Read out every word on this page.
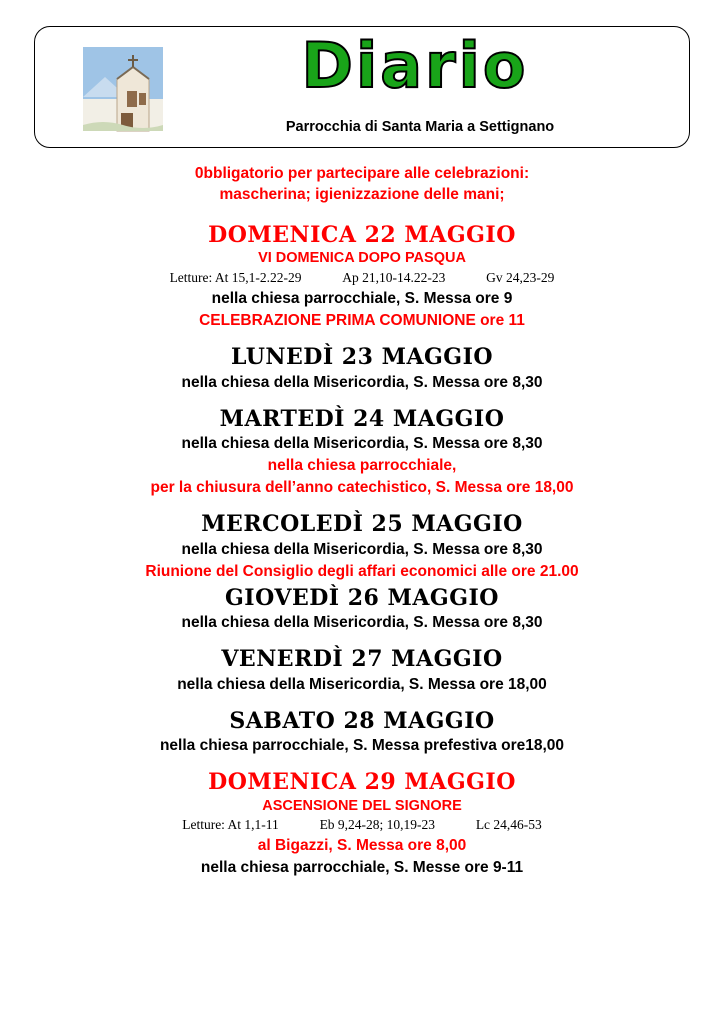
Diario
Parrocchia di Santa Maria a Settignano
0bbligatorio per partecipare alle celebrazioni:
mascherina; igienizzazione delle mani;
DOMENICA 22 MAGGIO
VI DOMENICA DOPO PASQUA
Letture: At 15,1-2.22-29	Ap 21,10-14.22-23	Gv 24,23-29
nella chiesa parrocchiale, S. Messa ore 9
CELEBRAZIONE PRIMA COMUNIONE ore 11
LUNEDÌ 23 MAGGIO
nella chiesa della Misericordia, S. Messa ore 8,30
MARTEDÌ 24 MAGGIO
nella chiesa della Misericordia, S. Messa ore 8,30
nella chiesa parrocchiale,
per la chiusura dell’anno catechistico, S. Messa ore 18,00
MERCOLEDÌ 25 MAGGIO
nella chiesa della Misericordia, S. Messa ore 8,30
Riunione del Consiglio degli affari economici alle ore 21.00
GIOVEDÌ 26 MAGGIO
nella chiesa della Misericordia, S. Messa ore 8,30
VENERDÌ 27 MAGGIO
nella chiesa della Misericordia, S. Messa ore 18,00
SABATO 28 MAGGIO
nella chiesa parrocchiale, S. Messa prefestiva ore18,00
DOMENICA 29 MAGGIO
ASCENSIONE DEL SIGNORE
Letture: At 1,1-11	Eb 9,24-28; 10,19-23	Lc 24,46-53
al Bigazzi, S. Messa ore 8,00
nella chiesa parrocchiale, S. Messe ore 9-11
